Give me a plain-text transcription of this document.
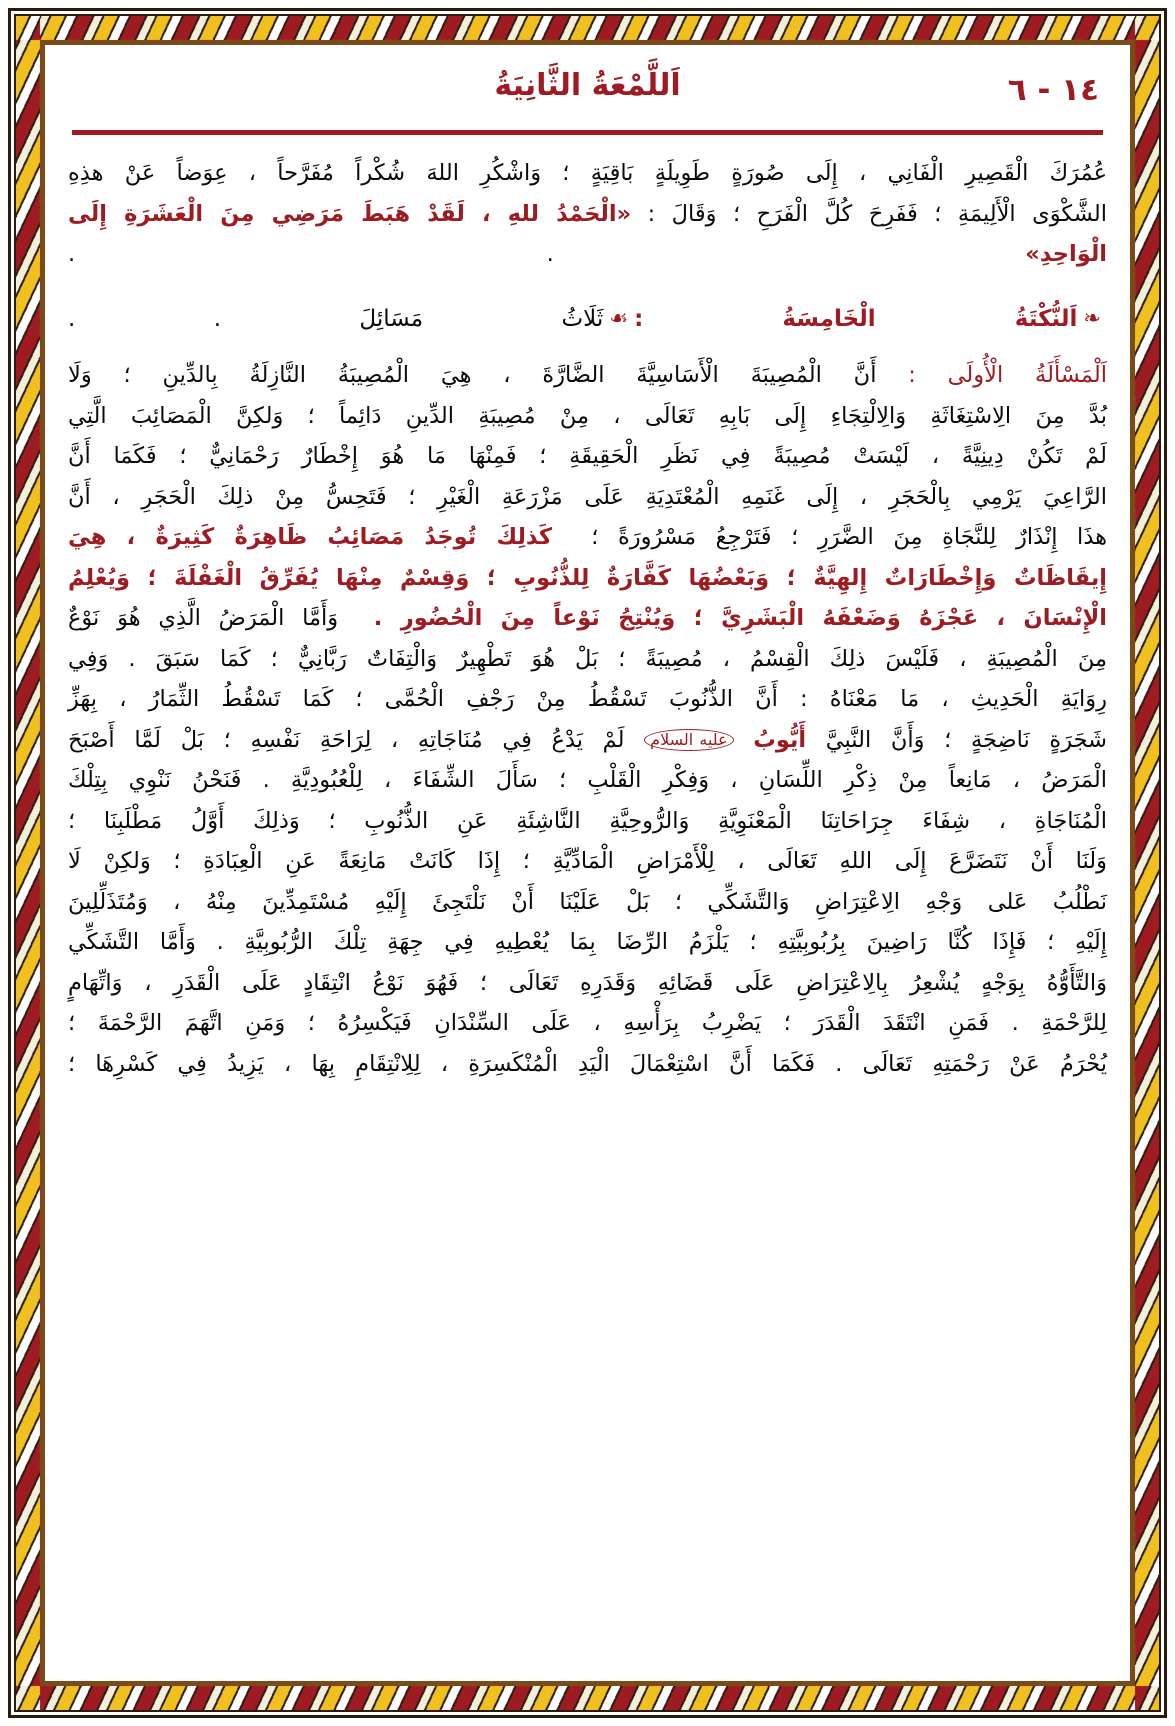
اَللَّمْعَةُ الثَّانِيَةُ	١٤ - ٦
عُمُرَكَ الْقَصِيرِ الْفَانِي ، إِلَى صُورَةٍ طَوِيلَةٍ بَاقِيَةٍ ؛ وَاشْكُرِ اللهَ شُكْراً مُفَرَّحاً ، عِوَضاً عَنْ هذِهِ
الشَّكْوَى الْأَلِيمَةِ ؛ فَفَرِحَ كُلَّ الْفَرَحِ ؛ وَقَالَ : «الْحَمْدُ للهِ ، لَقَدْ هَبَطَ مَرَضِي مِنَ الْعَشَرَةِ إِلَى
الْوَاحِدِ» . .
❧اَلنُّكْتَةُ الْخَامِسَةُ :☙ثَلَاثُ مَسَائِلَ . .
اَلْمَسْأَلَةُ الْأُولَى : أَنَّ الْمُصِيبَةَ الْأَسَاسِيَّةَ الضَّارَّةَ ، هِيَ الْمُصِيبَةُ النَّازِلَةُ بِالدِّينِ ؛ وَلَا
بُدَّ مِنَ الِاسْتِغَاثَةِ وَالِالْتِجَاءِ إِلَى بَابِهِ تَعَالَى ، مِنْ مُصِيبَةِ الدِّينِ دَائِماً ؛ وَلكِنَّ الْمَصَائِبَ الَّتِي
لَمْ تَكُنْ دِينِيَّةً ، لَيْسَتْ مُصِيبَةً فِي نَظَرِ الْحَقِيقَةِ ؛ فَمِنْهَا مَا هُوَ إِخْطَارٌ رَحْمَانِيٌّ ؛ فَكَمَا أَنَّ
الرَّاعِيَ يَرْمِي بِالْحَجَرِ ، إِلَى غَنَمِهِ الْمُعْتَدِيَةِ عَلَى مَزْرَعَةِ الْغَيْرِ ؛ فَتَحِسُّ مِنْ ذلِكَ الْحَجَرِ ، أَنَّ
هذَا إِنْذَارٌ لِلنَّجَاةِ مِنَ الضَّرَرِ ؛ فَتَرْجِعُ مَسْرُورَةً ؛  كَذلِكَ تُوجَدُ مَصَائِبُ ظَاهِرَةٌ كَثِيرَةٌ ، هِيَ
إِيقَاظَاتٌ وَإِخْطَارَاتٌ إِلهِيَّةٌ ؛ وَبَعْضُهَا كَفَّارَةٌ لِلذُّنُوبِ ؛ وَقِسْمٌ مِنْهَا يُفَرِّقُ الْغَفْلَةَ ؛ وَيُعْلِمُ
الْإِنْسَانَ ، عَجْزَهُ وَضَعْفَهُ الْبَشَرِيَّ ؛ وَيُنْتِجُ نَوْعاً مِنَ الْحُضُورِ .  وَأَمَّا الْمَرَضُ الَّذِي هُوَ نَوْعٌ
مِنَ الْمُصِيبَةِ ، فَلَيْسَ ذلِكَ الْقِسْمُ ، مُصِيبَةً ؛ بَلْ هُوَ تَطْهِيرٌ وَالْتِفَاتٌ رَبَّانِيٌّ ؛ كَمَا سَبَقَ . وَفِي
رِوَايَةِ الْحَدِيثِ ، مَا مَعْنَاهُ : أَنَّ الذُّنُوبَ تَسْقُطُ مِنْ رَجْفِ الْحُمَّى ؛ كَمَا تَسْقُطُ الثِّمَارُ ، بِهَزِّ
شَجَرَةٍ نَاضِجَةٍ ؛ وَأَنَّ النَّبِيَّ أَيُّوبُ عليه السلام لَمْ يَدْعُ فِي مُنَاجَاتِهِ ، لِرَاحَةِ نَفْسِهِ ؛ بَلْ لَمَّا أَصْبَحَ
الْمَرَضُ ، مَانِعاً مِنْ ذِكْرِ اللِّسَانِ ، وَفِكْرِ الْقَلْبِ ؛ سَأَلَ الشِّفَاءَ ، لِلْعُبُودِيَّةِ . فَنَحْنُ نَنْوِي بِتِلْكَ
الْمُنَاجَاةِ ، شِفَاءَ جِرَاحَاتِنَا الْمَعْنَوِيَّةِ وَالرُّوحِيَّةِ النَّاشِئَةِ عَنِ الذُّنُوبِ ؛ وَذلِكَ أَوَّلُ مَطْلَبِنَا ؛
وَلَنَا أَنْ نَتَضَرَّعَ إِلَى اللهِ تَعَالَى ، لِلْأَمْرَاضِ الْمَادِّيَّةِ ؛ إِذَا كَانَتْ مَانِعَةً عَنِ الْعِبَادَةِ ؛ وَلكِنْ لَا
نَطْلُبُ عَلى وَجْهِ الِاعْتِرَاضِ وَالتَّشَكِّي ؛ بَلْ عَلَيْنَا أَنْ نَلْتَجِئَ إِلَيْهِ مُسْتَمِدِّينَ مِنْهُ ، وَمُتَذَلِّلِينَ
إِلَيْهِ ؛ فَإِذَا كُنَّا رَاضِينَ بِرُبُوبِيَّتِهِ ؛ يَلْزَمُ الرِّضَا بِمَا يُعْطِيهِ فِي جِهَةِ تِلْكَ الرُّبُوبِيَّةِ . وَأَمَّا التَّشَكِّي
وَالتَّأَوُّهُ بِوَجْهٍ يُشْعِرُ بِالِاعْتِرَاضِ عَلَى قَضَائِهِ وَقَدَرِهِ تَعَالَى ؛ فَهُوَ نَوْعُ انْتِقَادٍ عَلَى الْقَدَرِ ، وَاتِّهَامٍ
لِلرَّحْمَةِ . فَمَنِ انْتَقَدَ الْقَدَرَ ؛ يَضْرِبُ بِرَأْسِهِ ، عَلَى السِّنْدَانِ فَيَكْسِرُهُ ؛ وَمَنِ اتَّهَمَ الرَّحْمَةَ ؛
يُحْرَمُ عَنْ رَحْمَتِهِ تَعَالَى . فَكَمَا أَنَّ اسْتِعْمَالَ الْيَدِ الْمُنْكَسِرَةِ ، لِلِانْتِقَامِ بِهَا ، يَزِيدُ فِي كَسْرِهَا ؛
